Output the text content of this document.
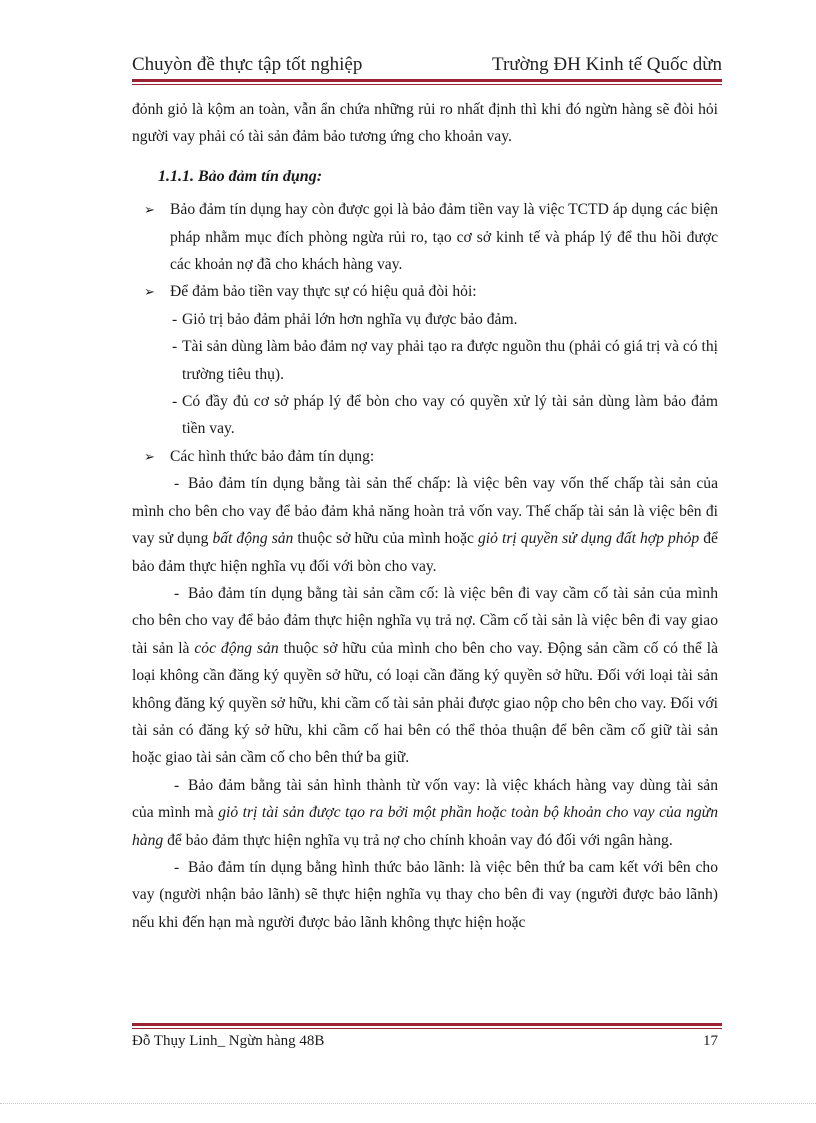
Chuyòn đề thực tập tốt nghiệp	Trường ĐH Kinh tế Quốc dừn

đỏnh giỏ là kộm an toàn, vẫn ẩn chứa những rủi ro nhất định thì khi đó ngừn hàng sẽ đòi hỏi người vay phải có tài sản đảm bảo tương ứng cho khoản vay.

1.1.1. Bảo đảm tín dụng:

➢ Bảo đảm tín dụng hay còn được gọi là bảo đảm tiền vay là việc TCTD áp dụng các biện pháp nhằm mục đích phòng ngừa rủi ro, tạo cơ sở kinh tế và pháp lý để thu hồi được các khoản nợ đã cho khách hàng vay.

➢ Để đảm bảo tiền vay thực sự có hiệu quả đòi hỏi:

- Giỏ trị bảo đảm phải lớn hơn nghĩa vụ được bảo đảm.

- Tài sản dùng làm bảo đảm nợ vay phải tạo ra được nguồn thu (phải có giá trị và có thị trường tiêu thụ).

- Có đầy đủ cơ sở pháp lý để bòn cho vay có quyền xử lý tài sản dùng làm bảo đảm tiền vay.

➢ Các hình thức bảo đảm tín dụng:

- Bảo đảm tín dụng bằng tài sản thế chấp: là việc bên vay vốn thế chấp tài sản của mình cho bên cho vay để bảo đảm khả năng hoàn trả vốn vay. Thế chấp tài sản là việc bên đi vay sử dụng bất động sản thuộc sở hữu của mình hoặc giỏ trị quyền sử dụng đất hợp phỏp để bảo đảm thực hiện nghĩa vụ đối với bòn cho vay.

- Bảo đảm tín dụng bằng tài sản cầm cố: là việc bên đi vay cầm cố tài sản của mình cho bên cho vay để bảo đảm thực hiện nghĩa vụ trả nợ. Cầm cố tài sản là việc bên đi vay giao tài sản là cỏc động sản thuộc sở hữu của mình cho bên cho vay. Động sản cầm cố có thể là loại không cần đăng ký quyền sở hữu, có loại cần đăng ký quyền sở hữu. Đối với loại tài sản không đăng ký quyền sở hữu, khi cầm cố tài sản phải được giao nộp cho bên cho vay. Đối với tài sản có đăng ký sở hữu, khi cầm cố hai bên có thể thỏa thuận để bên cầm cố giữ tài sản hoặc giao tài sản cầm cố cho bên thứ ba giữ.

- Bảo đảm bằng tài sản hình thành từ vốn vay: là việc khách hàng vay dùng tài sản của mình mà giỏ trị tài sản được tạo ra bởi một phần hoặc toàn bộ khoản cho vay của ngừn hàng để bảo đảm thực hiện nghĩa vụ trả nợ cho chính khoản vay đó đối với ngân hàng.

- Bảo đảm tín dụng bằng hình thức bảo lãnh: là việc bên thứ ba cam kết với bên cho vay (người nhận bảo lãnh) sẽ thực hiện nghĩa vụ thay cho bên đi vay (người được bảo lãnh) nếu khi đến hạn mà người được bảo lãnh không thực hiện hoặc

Đỗ Thụy Linh_ Ngừn hàng 48B	17
